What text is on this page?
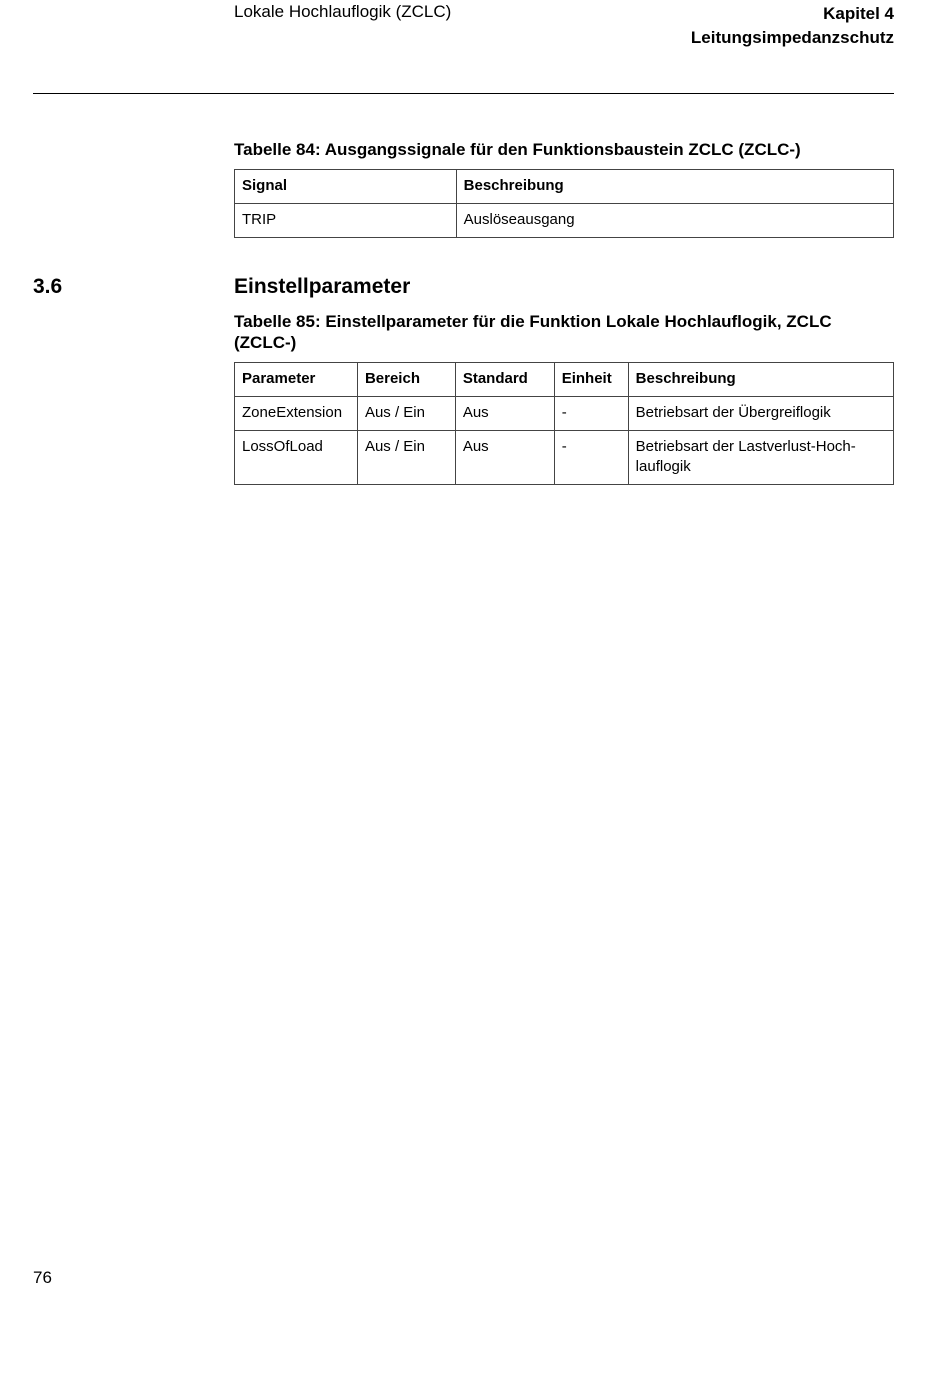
Lokale Hochlauflogik (ZCLC)	Kapitel 4
Leitungsimpedanzschutz
Tabelle 84: Ausgangssignale für den Funktionsbaustein ZCLC (ZCLC-)
Signal	Beschreibung
TRIP	Auslöseausgang
3.6	Einstellparameter
Tabelle 85: Einstellparameter für die Funktion Lokale Hochlauflogik, ZCLC
(ZCLC-)
Parameter	Bereich	Standard	Einheit	Beschreibung
ZoneExtension	Aus / Ein	Aus	-	Betriebsart der Übergreiflogik
LossOfLoad	Aus / Ein	Aus	-	Betriebsart der Lastverlust-Hoch-lauflogik
76
